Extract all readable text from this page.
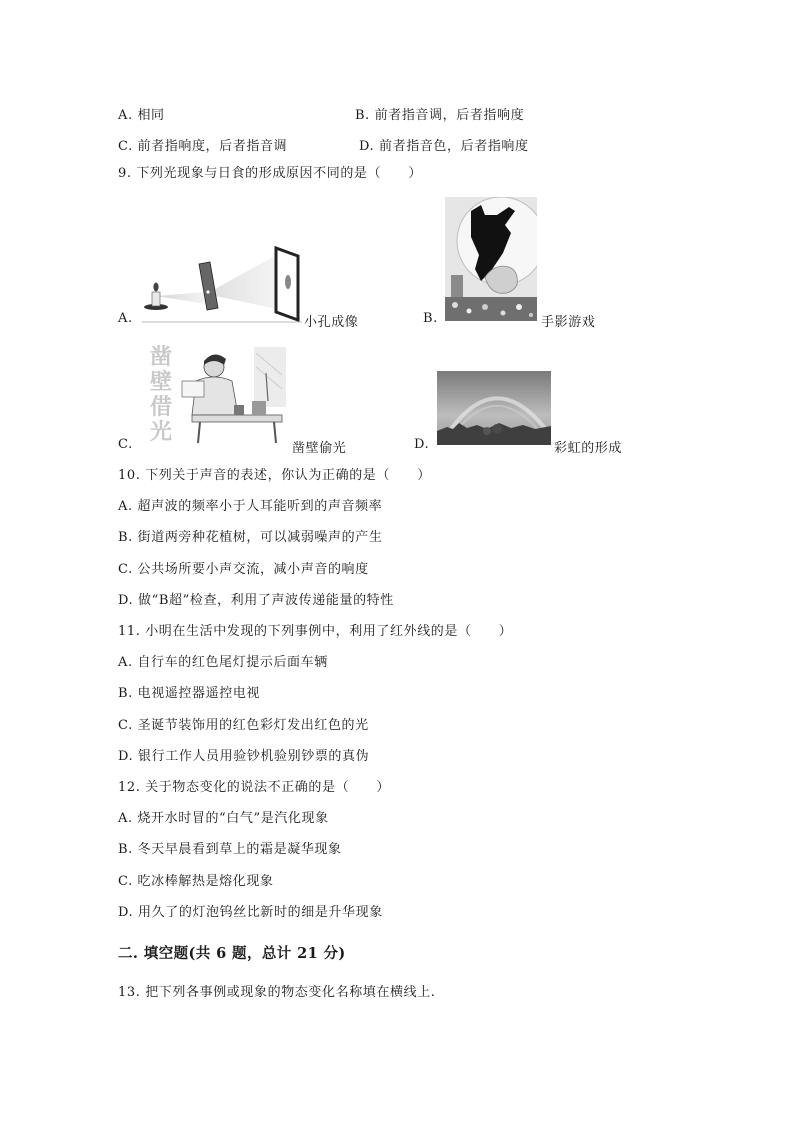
A. 相同	B. 前者指音调，后者指响度
C. 前者指响度，后者指音调	D. 前者指音色，后者指响度
9. 下列光现象与日食的形成原因不同的是（　　）
A.	小孔成像	B.	手影游戏
C.
凿
壁
借
光
凿壁偷光	D.	彩虹的形成
10. 下列关于声音的表述，你认为正确的是（　　）
A. 超声波的频率小于人耳能听到的声音频率
B. 街道两旁种花植树，可以减弱噪声的产生
C. 公共场所要小声交流，减小声音的响度
D. 做“B超”检查，利用了声波传递能量的特性
11. 小明在生活中发现的下列事例中，利用了红外线的是（　　）
A. 自行车的红色尾灯提示后面车辆
B. 电视遥控器遥控电视
C. 圣诞节装饰用的红色彩灯发出红色的光
D. 银行工作人员用验钞机验别钞票的真伪
12. 关于物态变化的说法不正确的是（　　）
A. 烧开水时冒的“白气”是汽化现象
B. 冬天早晨看到草上的霜是凝华现象
C. 吃冰棒解热是熔化现象
D. 用久了的灯泡钨丝比新时的细是升华现象
二. 填空题(共 6 题，总计 21 分)
13. 把下列各事例或现象的物态变化名称填在横线上.
